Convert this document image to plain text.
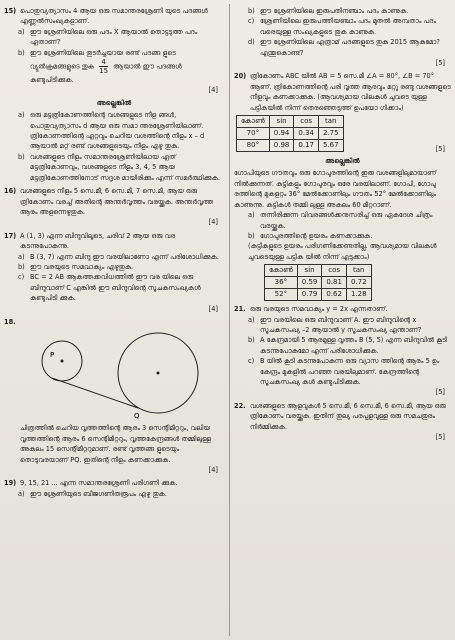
15) പൊതുവ്യത്യാസം 4 ആയ ഒരു സമാന്തരശ്രേണി യുടെ പദങ്ങൾ എണ്ണൽസംഖ്യകളാണ്.
a) ഈ ശ്രേണിയിലെ ഒരു പദം X ആയാൽ തൊട്ടടുത്ത പദം ഏതാണ്?
b) ഈ ശ്രേണിയിലെ തുടർച്ചയായ രണ്ട് പദങ്ങ ളുടെ വ്യുൽക്രമങ്ങളുടെ തുക $\frac{4}{15}$ ആയാൽ ഈ പദങ്ങൾ കണ്ടുപിടിക്കുക.
[4]
അല്ലെങ്കിൽ
a) ഒരു മട്ടത്രികോണത്തിന്റെ വശങ്ങളുടെ നീള ങ്ങൾ, പൊതുവ്യത്യാസം d ആയ ഒരു സമാ ന്തരശ്രേണിയിലാണ്. ത്രികോണത്തിന്റെ ഏറ്റവും ചെറിയ വശത്തിന്റെ നീളം x – d ആയാൽ മറ്റ് രണ്ട് വശങ്ങളുടെയും നീളം എഴു തുക.
b) വശങ്ങളുടെ നീളം സമാന്തരശ്രേണിയിലായ ഏത് മട്ടത്രികോണവും, വശങ്ങളുടെ നീളം 3, 4, 5 ആയ മട്ടത്രികോണത്തിനോട് സദൃശ മായിരിക്കും എന്ന് സമർത്ഥിക്കുക.
16) വശങ്ങളുടെ നീളം 5 സെ.മീ, 6 സെ.മീ, 7 സെ.മീ, ആയ ഒരു ത്രികോണം വരച്ച് അതിന്റെ അന്തർവൃത്തം വരയ്ക്കുക. അന്തർവൃത്ത ആരം അളന്നെഴുതുക.
[4]
17) A (1, 3) എന്ന ബിന്ദുവിലൂടെ, ചരിവ് 2 ആയ ഒരു വര കടന്നുപോകുന്നു.
a) B (3, 7) എന്ന ബിന്ദു ഈ വരയിലാണോ എന്ന് പരിശോധിക്കുക.
b) ഈ വരയുടെ സമവാക്യം എഴുതുക.
c) BC = 2 AB ആകത്തക്കവിധത്തിൽ ഈ വര യിലെ ഒരു ബിന്ദുവാണ് C എങ്കിൽ ഈ ബിന്ദുവിന്റെ സൂചകസംഖ്യകൾ കണ്ടുപിടി ക്കുക.
[4]
18.
P
Q
ചിത്രത്തിൽ ചെറിയ വൃത്തത്തിന്റെ ആരം 3 സെന്റിമീറ്ററും, വലിയ വൃത്തത്തിന്റെ ആരം 6 സെന്റിമീറ്ററും, വൃത്തകേന്ദ്രങ്ങൾ തമ്മിലുള്ള അകലം 15 സെന്റിമീറ്ററുമാണ്. രണ്ട് വൃത്തങ്ങ ളുടെയും തൊടുവരയാണ് PQ. ഇതിന്റെ നീളം കണക്കാക്കുക.
[4]
19) 9, 15, 21 ... എന്ന സമാന്തരശ്രേണി പരിഗണി ക്കുക.
a) ഈ ശ്രേണിയുടെ ബീജഗണിതരൂപം എഴു തുക.
b) ഈ ശ്രേണിയിലെ ഇരുപതിനഞ്ചാം പദം കാണുക.
c) ശ്രേണിയിലെ ഇരുപത്തിയഞ്ചാം പദം മുതൽ അമ്പതാം പദം വരെയുള്ള സംഖ്യകളുടെ തുക കാണുക.
d) ഈ ശ്രേണിയിലെ എത്രാമ് പദങ്ങളുടെ തുക 2015 ആകുമോ? എന്തുകൊണ്ട്?
[5]
20) ത്രികോണം ABC യിൽ AB = 5 സെ.മീ ∠A = 80°, ∠B = 70° ആണ്. ത്രികോണത്തിന്റെ പരി വൃത്ത ആരവും മറ്റു രണ്ടു വശങ്ങളുടെ നീളവും കണക്കാക്കുക. (ആവശ്യമായ വിലകൾ ചുവടെ യുള്ള പട്ടികയിൽ നിന്ന് തെരഞ്ഞെടുത്ത് ഉപയോ ഗിക്കാം)
കോൺ	sin	cos	tan
70°	0.94	0.34	2.75
80°	0.98	0.17	5.67	[5]
അല്ലെങ്കിൽ
ഗോപിയുടെ ഗൗതവും ഒരു ഗോപുരത്തിന്റെ ഇരു വശങ്ങളിലുമായാണ് നിൽക്കുന്നത്. കുട്ടികളും ഗോപുരവും ഒരേ വരയിലാണ്. ഗോപി, ഗോപു രത്തിന്റെ മുകളറ്റം 36° മേൽക്കോണിലും ഗൗതം 52° മേൽക്കോണിലും കാണുന്നു. കുട്ടികൾ തമ്മി ലുള്ള അകലം 60 മീറ്ററാണ്.
a) തന്നിരിക്കുന്ന വിവരങ്ങൾക്കനുസരിച്ച് ഒരു ഏകദേശ ചിത്രം വരയ്ക്കുക.
b) ഗോപുരത്തിന്റെ ഉയരം കണക്കാക്കുക.
(കുട്ടികളുടെ ഉയരം പരിഗണിക്കേണ്ടതില്ല. ആവശ്യമായ വിലകൾ ചുവടെയുള്ള പട്ടിക യിൽ നിന്ന് എടുക്കാം)
കോൺ	sin	cos	tan
36°	0.59	0.81	0.72
52°	0.79	0.62	1.28
21. ഒരു വരയുടെ സമവാക്യം y = 2x എന്നതാണ്.
a) ഈ വരയിലെ ഒരു ബിന്ദുവാണ് A. ഈ ബിന്ദുവിന്റെ x സൂചകസംഖ്യ –2 ആയാൽ y സൂചകസംഖ്യ എന്താണ്?
b) A കേന്ദ്രമായി 5 ആരമുള്ള വൃത്തം B (5, 5) എന്ന ബിന്ദുവിൽ കൂടി കടന്നുപോകുമോ എന്ന് പരിശോധിക്കുക.
c) B യിൽ കൂടി കടന്നുപോകുന്ന ഒരു വ്യാസ ത്തിന്റെ ആരം 5 ഉം കേന്ദ്രം മുകളിൽ പറഞ്ഞ വരയിലുമാണ്. കേന്ദ്രത്തിന്റെ സൂചകസംഖ്യ കൾ കണ്ടുപിടിക്കുക.
[5]
22. വശങ്ങളുടെ ആളവുകൾ 5 സെ.മീ, 6 സെ.മീ, 6 സെ.മീ, ആയ ഒരു ത്രികോണം വരയ്ക്കുക. ഇതിന് തുല്യ പരപ്പളവുള്ള ഒരു സമചതുരം നിർമ്മിക്കുക.
[5]
